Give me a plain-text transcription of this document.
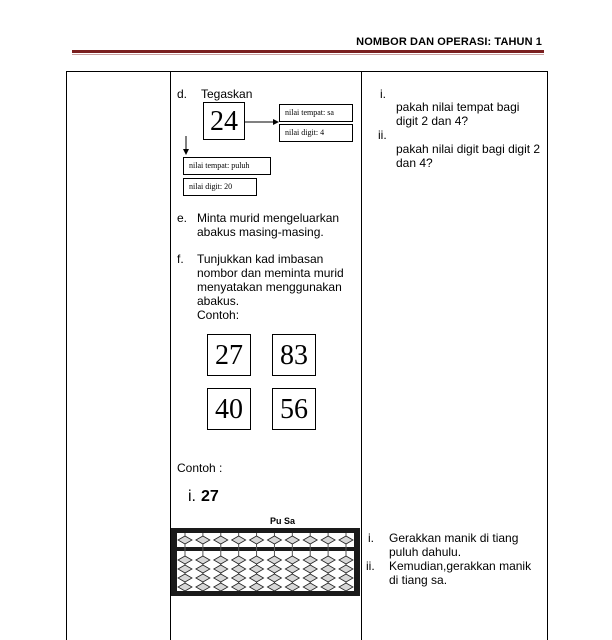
NOMBOR DAN OPERASI: TAHUN 1
d. Tegaskan
24	nilai tempat: sa
nilai digit: 4
nilai tempat: puluh
nilai digit: 20
e. Minta murid mengeluarkan
abakus masing-masing.
f. Tunjukkan kad imbasan
nombor dan meminta murid
menyatakan menggunakan
abakus.
Contoh:
27 83
40 56
Contoh :
i. 27
Pu Sa
i.
pakah nilai tempat bagi
digit 2 dan 4?
ii.
pakah nilai digit bagi digit 2
dan 4?
i. Gerakkan manik di tiang
puluh dahulu.
ii. Kemudian,gerakkan manik
di tiang sa.
